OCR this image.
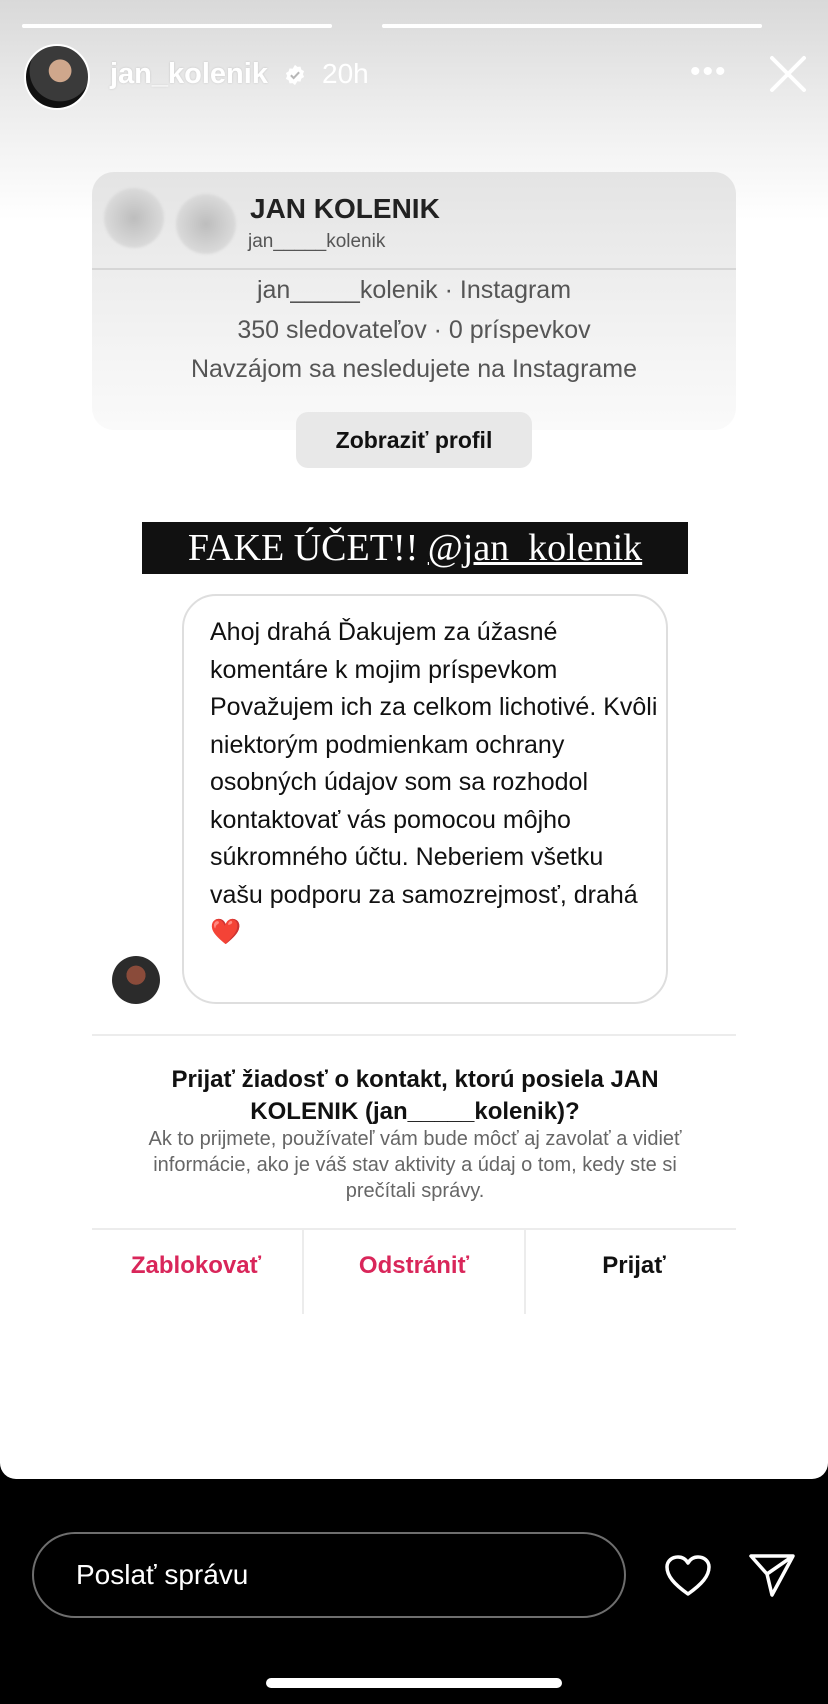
jan_kolenik 20h	•••
JAN KOLENIK
jan_____kolenik
jan_____kolenik · Instagram
350 sledovateľov · 0 príspevkov
Navzájom sa nesledujete na Instagrame
Zobraziť profil
FAKE ÚČET!! @jan_kolenik
Ahoj drahá Ďakujem za úžasné komentáre k mojim príspevkom Považujem ich za celkom lichotivé. Kvôli niektorým podmienkam ochrany osobných údajov som sa rozhodol kontaktovať vás pomocou môjho súkromného účtu. Neberiem všetku vašu podporu za samozrejmosť, drahá ❤️
Prijať žiadosť o kontakt, ktorú posiela JAN KOLENIK (jan_____kolenik)?
Ak to prijmete, používateľ vám bude môcť aj zavolať a vidieť informácie, ako je váš stav aktivity a údaj o tom, kedy ste si prečítali správy.
Zablokovať	Odstrániť	Prijať
Poslať správu
